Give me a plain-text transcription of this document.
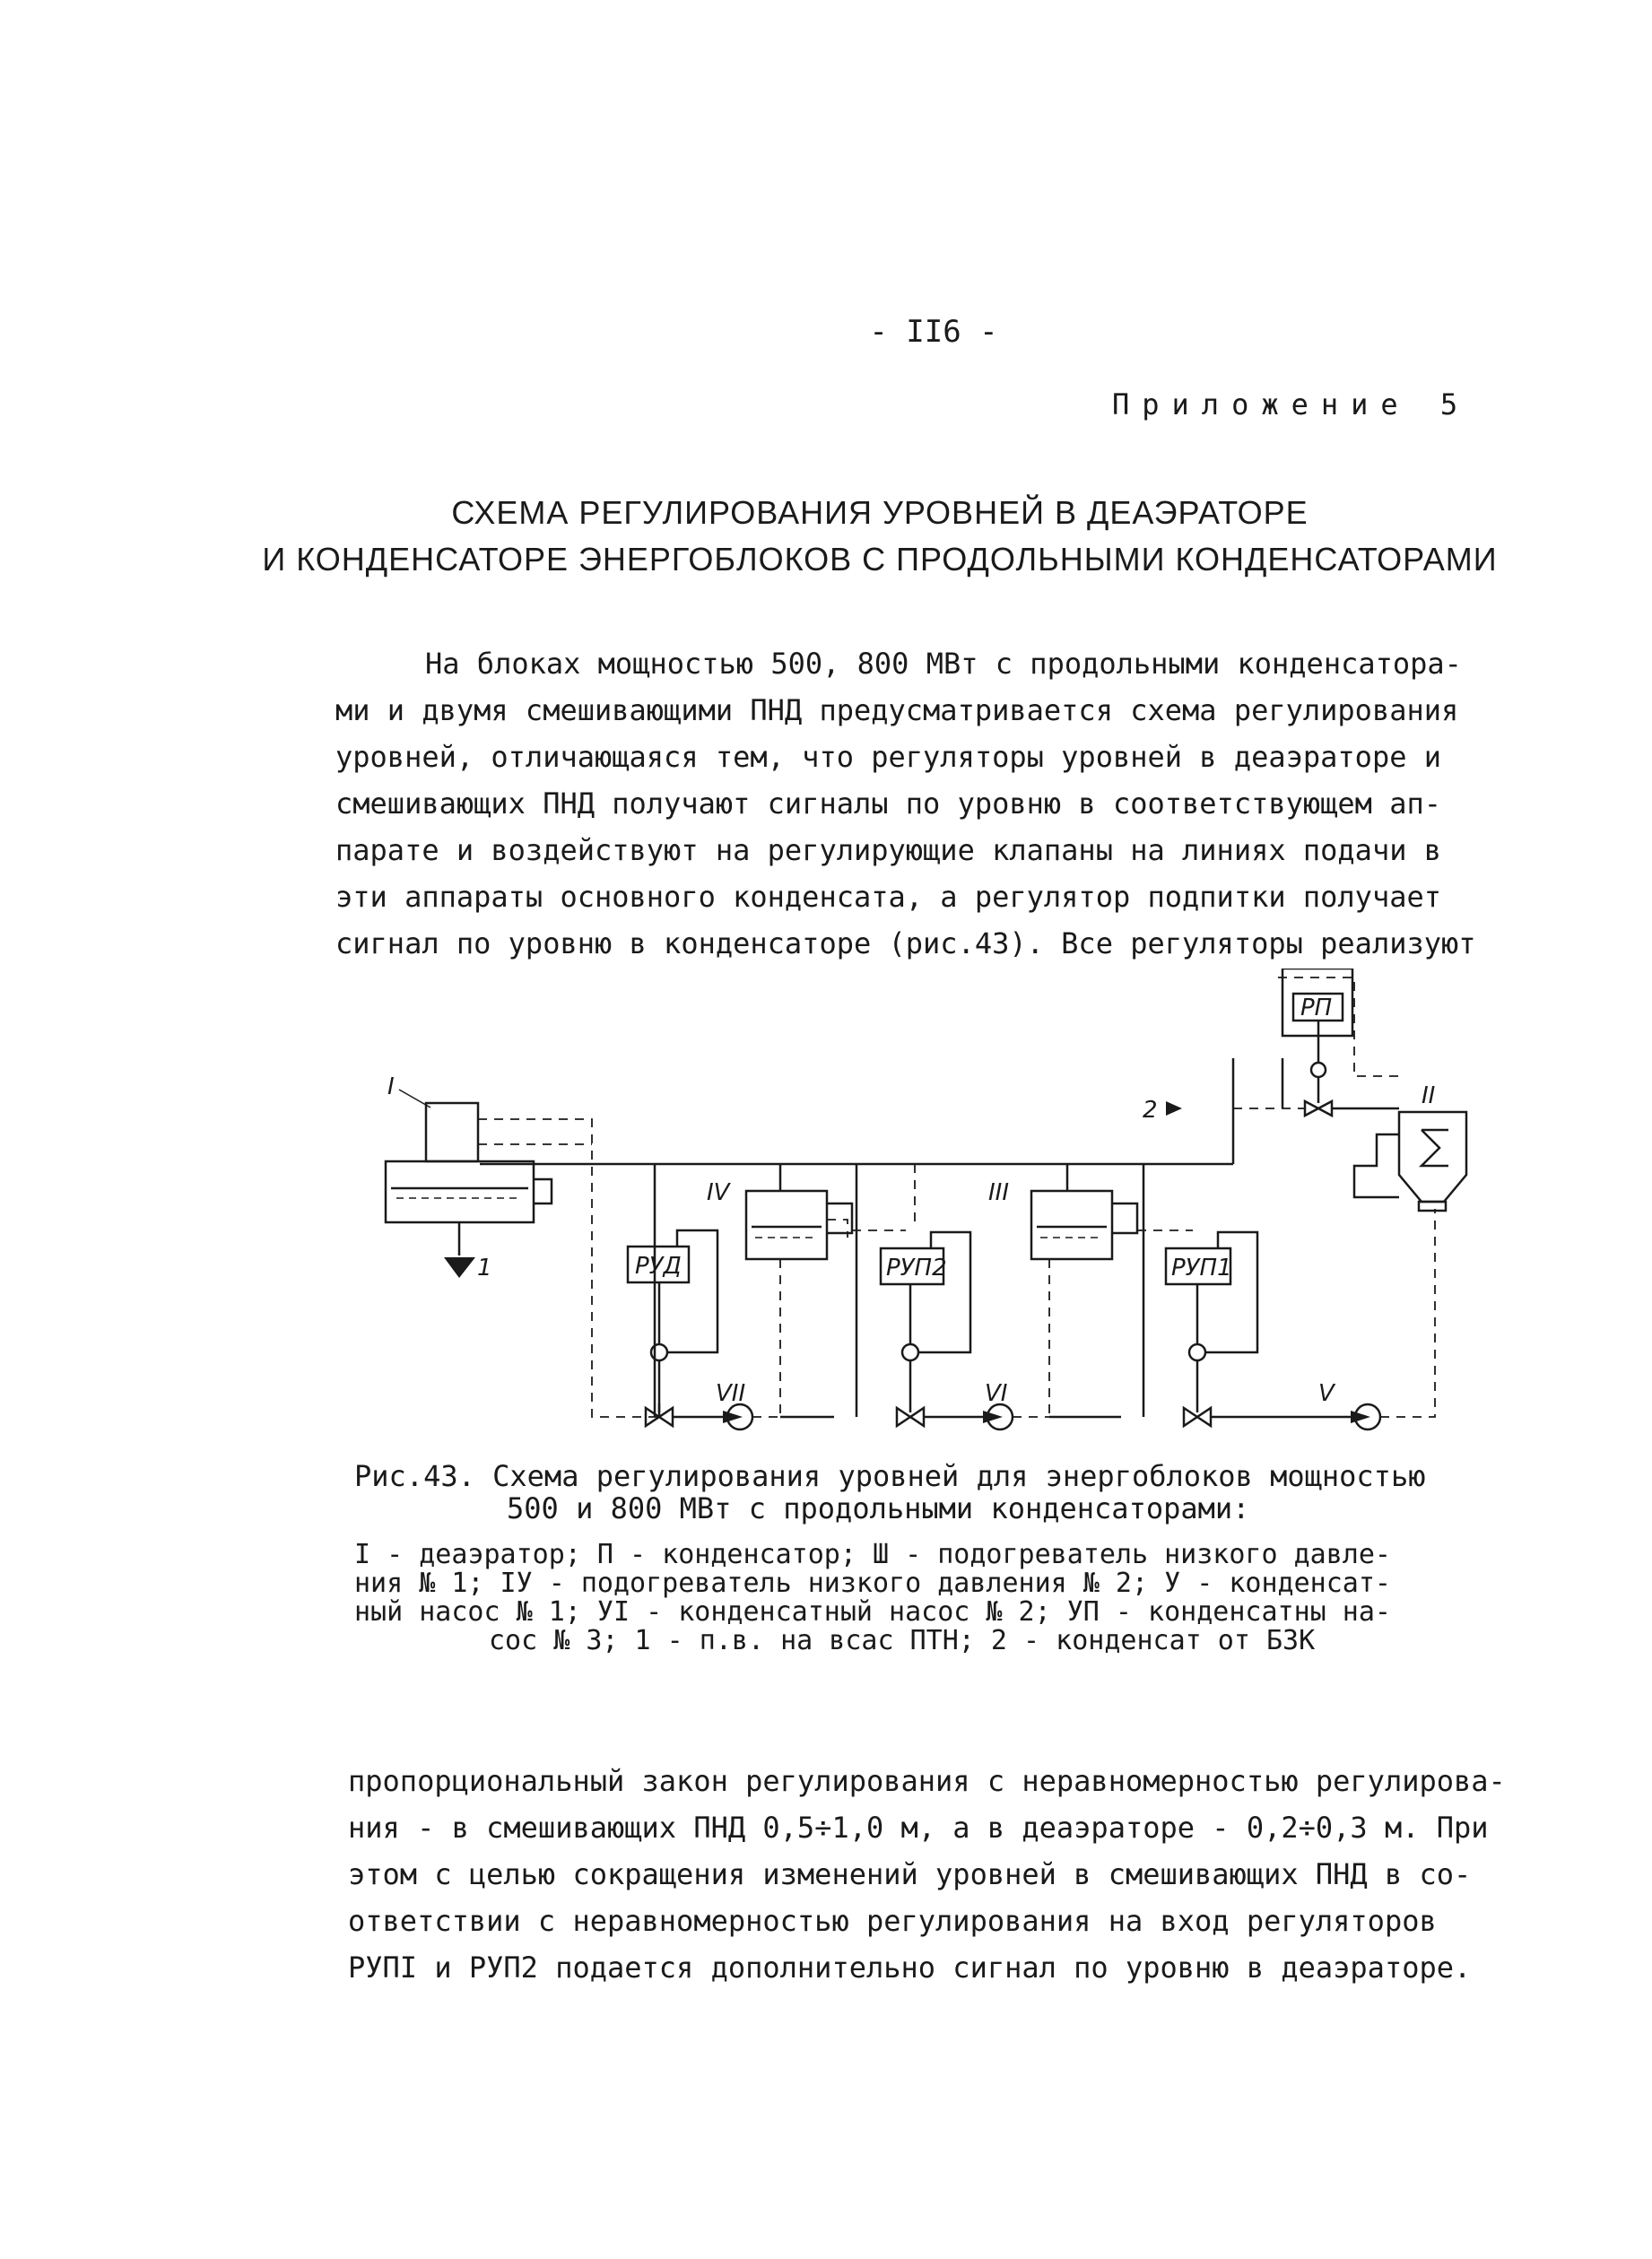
- II6 -
Приложение 5
СХЕМА РЕГУЛИРОВАНИЯ УРОВНЕЙ В ДЕАЭРАТОРЕ
И КОНДЕНСАТОРЕ ЭНЕРГОБЛОКОВ С ПРОДОЛЬНЫМИ КОНДЕНСАТОРАМИ
На блоках мощностью 500, 800 МВт с продольными конденсатора-
ми и двумя смешивающими ПНД предусматривается схема регулирования
уровней, отличающаяся тем, что регуляторы уровней в деаэраторе и
смешивающих ПНД получают сигналы по уровню в соответствующем ап-
парате и воздействуют на регулирующие клапаны на линиях подачи в
эти аппараты основного конденсата, а регулятор подпитки получает
сигнал по уровню в конденсаторе (рис.43). Все регуляторы реализуют
I	II
III
IV
V
VI
VII
РУД	РУП2	РУП1
РП
1
2
Рис.43. Схема регулирования уровней для энергоблоков мощностью
500 и 800 МВт с продольными конденсаторами:
I - деаэратор; П - конденсатор; Ш - подогреватель низкого давле-
ния № 1; IУ - подогреватель низкого давления № 2; У - конденсат-
ный насос № 1; УI - конденсатный насос № 2; УП - конденсатны на-
сос № 3; 1 - п.в. на всас ПТН; 2 - конденсат от БЗК
пропорциональный закон регулирования с неравномерностью регулирова-
ния - в смешивающих ПНД 0,5÷1,0 м, а в деаэраторе - 0,2÷0,3 м. При
этом с целью сокращения изменений уровней в смешивающих ПНД в со-
ответствии с неравномерностью регулирования на вход регуляторов
РУПI и РУП2 подается дополнительно сигнал по уровню в деаэраторе.
